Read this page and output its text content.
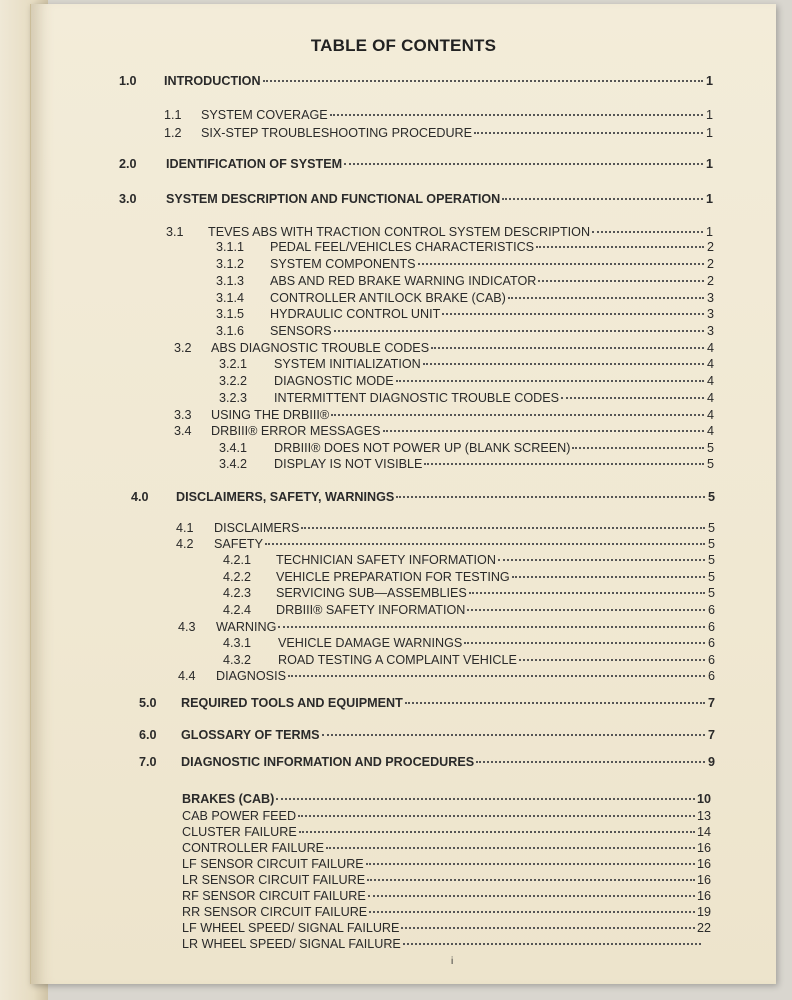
TABLE OF CONTENTS
1.0	INTRODUCTION	1
1.1	SYSTEM COVERAGE	1
1.2	SIX-STEP TROUBLESHOOTING PROCEDURE	1
2.0	IDENTIFICATION OF SYSTEM	1
3.0	SYSTEM DESCRIPTION AND FUNCTIONAL OPERATION	1
3.1	TEVES ABS WITH TRACTION CONTROL SYSTEM DESCRIPTION	1
3.1.1	PEDAL FEEL/VEHICLES CHARACTERISTICS	2
3.1.2	SYSTEM COMPONENTS	2
3.1.3	ABS AND RED BRAKE WARNING INDICATOR	2
3.1.4	CONTROLLER ANTILOCK BRAKE (CAB)	3
3.1.5	HYDRAULIC CONTROL UNIT	3
3.1.6	SENSORS	3
3.2	ABS DIAGNOSTIC TROUBLE CODES	4
3.2.1	SYSTEM INITIALIZATION	4
3.2.2	DIAGNOSTIC MODE	4
3.2.3	INTERMITTENT DIAGNOSTIC TROUBLE CODES	4
3.3	USING THE DRBIII®	4
3.4	DRBIII® ERROR MESSAGES	4
3.4.1	DRBIII® DOES NOT POWER UP (BLANK SCREEN)	5
3.4.2	DISPLAY IS NOT VISIBLE	5
4.0	DISCLAIMERS, SAFETY, WARNINGS	5
4.1	DISCLAIMERS	5
4.2	SAFETY	5
4.2.1	TECHNICIAN SAFETY INFORMATION	5
4.2.2	VEHICLE PREPARATION FOR TESTING	5
4.2.3	SERVICING SUB—ASSEMBLIES	5
4.2.4	DRBIII® SAFETY INFORMATION	6
4.3	WARNING	6
4.3.1	VEHICLE DAMAGE WARNINGS	6
4.3.2	ROAD TESTING A COMPLAINT VEHICLE	6
4.4	DIAGNOSIS	6
5.0	REQUIRED TOOLS AND EQUIPMENT	7
6.0	GLOSSARY OF TERMS	7
7.0	DIAGNOSTIC INFORMATION AND PROCEDURES	9
BRAKES (CAB)	10
CAB POWER FEED	13
CLUSTER FAILURE	14
CONTROLLER FAILURE	16
LF SENSOR CIRCUIT FAILURE	16
LR SENSOR CIRCUIT FAILURE	16
RF SENSOR CIRCUIT FAILURE	16
RR SENSOR CIRCUIT FAILURE	19
LF WHEEL SPEED/ SIGNAL FAILURE	22
LR WHEEL SPEED/ SIGNAL FAILURE
i
